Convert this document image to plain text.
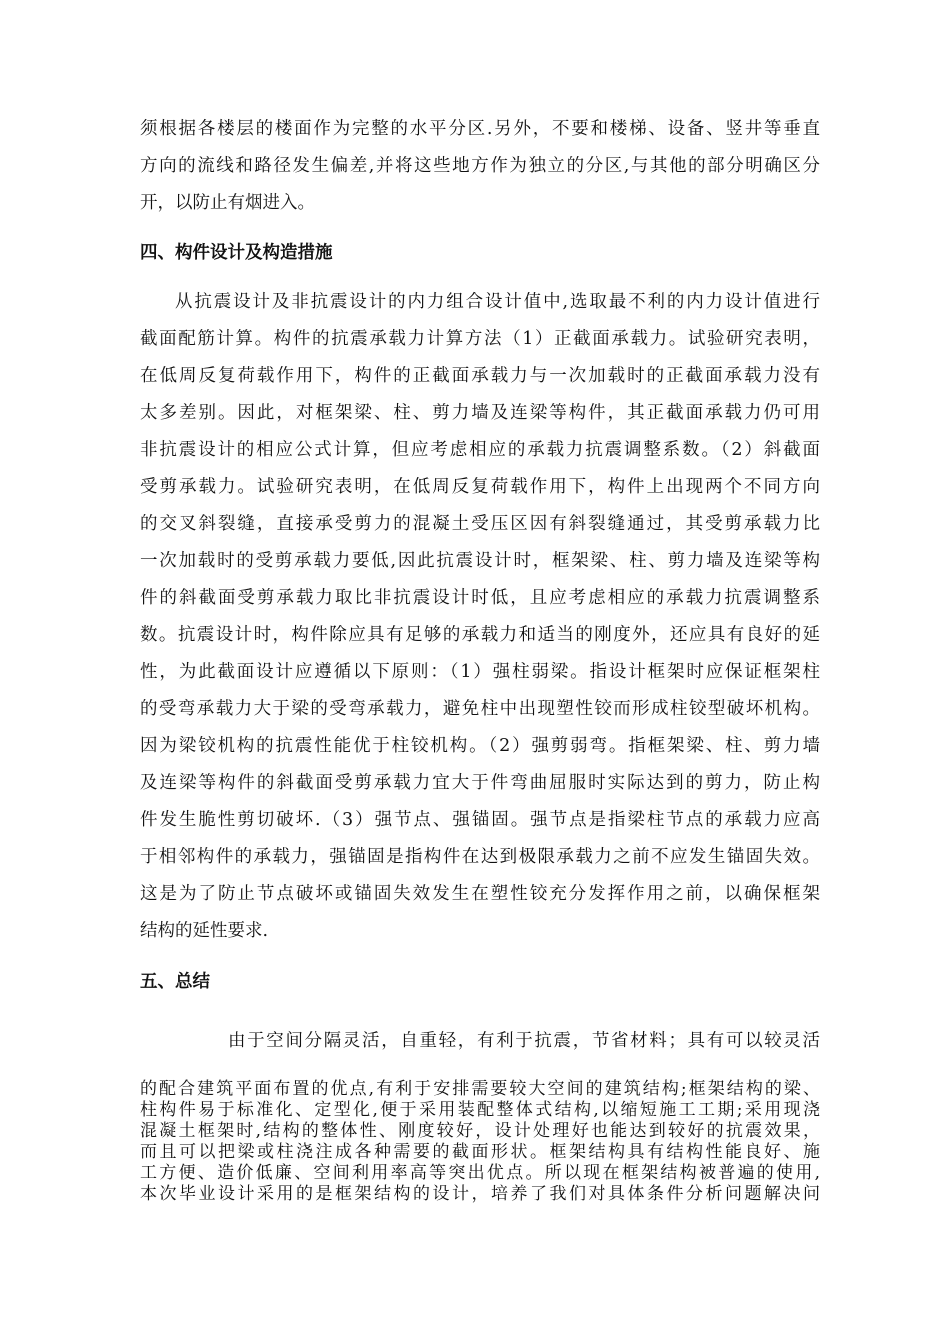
须根据各楼层的楼面作为完整的水平分区.另外，不要和楼梯、设备、竖井等垂直
方向的流线和路径发生偏差,并将这些地方作为独立的分区,与其他的部分明确区分
开，以防止有烟进入。
四、构件设计及构造措施
从抗震设计及非抗震设计的内力组合设计值中,选取最不利的内力设计值进行
截面配筋计算。构件的抗震承载力计算方法（1）正截面承载力。试验研究表明，
在低周反复荷载作用下，构件的正截面承载力与一次加载时的正截面承载力没有
太多差别。因此，对框架梁、柱、剪力墙及连梁等构件，其正截面承载力仍可用
非抗震设计的相应公式计算，但应考虑相应的承载力抗震调整系数。（2）斜截面
受剪承载力。试验研究表明，在低周反复荷载作用下，构件上出现两个不同方向
的交叉斜裂缝，直接承受剪力的混凝土受压区因有斜裂缝通过，其受剪承载力比
一次加载时的受剪承载力要低,因此抗震设计时，框架梁、柱、剪力墙及连梁等构
件的斜截面受剪承载力取比非抗震设计时低，且应考虑相应的承载力抗震调整系
数。抗震设计时，构件除应具有足够的承载力和适当的刚度外，还应具有良好的延
性，为此截面设计应遵循以下原则：（1）强柱弱梁。指设计框架时应保证框架柱
的受弯承载力大于梁的受弯承载力，避免柱中出现塑性铰而形成柱铰型破坏机构。
因为梁铰机构的抗震性能优于柱铰机构。（2）强剪弱弯。指框架梁、柱、剪力墙
及连梁等构件的斜截面受剪承载力宜大于件弯曲屈服时实际达到的剪力，防止构
件发生脆性剪切破坏.（3）强节点、强锚固。强节点是指梁柱节点的承载力应高
于相邻构件的承载力，强锚固是指构件在达到极限承载力之前不应发生锚固失效。
这是为了防止节点破坏或锚固失效发生在塑性铰充分发挥作用之前，以确保框架
结构的延性要求.
五、总结
由于空间分隔灵活，自重轻，有利于抗震，节省材料；具有可以较灵活
的配合建筑平面布置的优点,有利于安排需要较大空间的建筑结构;框架结构的梁、
柱构件易于标准化、定型化,便于采用装配整体式结构,以缩短施工工期;采用现浇
混凝土框架时,结构的整体性、刚度较好，设计处理好也能达到较好的抗震效果，
而且可以把梁或柱浇注成各种需要的截面形状。框架结构具有结构性能良好、施
工方便、造价低廉、空间利用率高等突出优点。所以现在框架结构被普遍的使用,
本次毕业设计采用的是框架结构的设计，培养了我们对具体条件分析问题解决问
